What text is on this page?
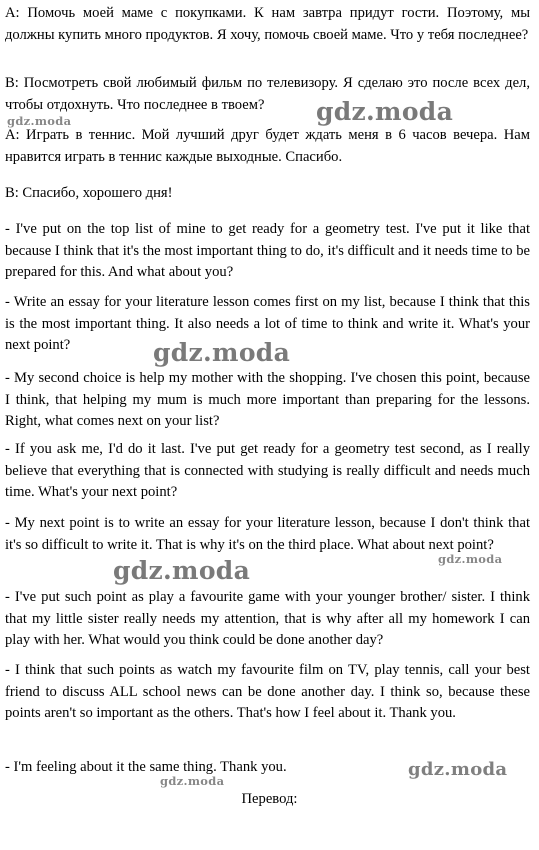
А: Помочь моей маме с покупками. К нам завтра придут гости. Поэтому, мы должны купить много продуктов. Я хочу, помочь своей маме. Что у тебя последнее?

В: Посмотреть свой любимый фильм по телевизору. Я сделаю это после всех дел, чтобы отдохнуть. Что последнее в твоем?

А: Играть в теннис. Мой лучший друг будет ждать меня в 6 часов вечера. Нам нравится играть в теннис каждые выходные. Спасибо.

В: Спасибо, хорошего дня!

- I've put on the top list of mine to get ready for a geometry test. I've put it like that because I think that it's the most important thing to do, it's difficult and it needs time to be prepared for this. And what about you?

- Write an essay for your literature lesson comes first on my list, because I think that this is the most important thing. It also needs a lot of time to think and write it. What's your next point?

- My second choice is help my mother with the shopping. I've chosen this point, because I think, that helping my mum is much more important than preparing for the lessons. Right, what comes next on your list?

- If you ask me, I'd do it last. I've put get ready for a geometry test second, as I really believe that everything that is connected with studying is really difficult and needs much time. What's your next point?

- My next point is to write an essay for your literature lesson, because I don't think that it's so difficult to write it. That is why it's on the third place. What about next point?

- I've put such point as play a favourite game with your younger brother/ sister. I think that my little sister really needs my attention, that is why after all my homework I can play with her. What would you think could be done another day?

- I think that such points as watch my favourite film on TV, play tennis, call your best friend to discuss ALL school news can be done another day. I think so, because these points aren't so important as the others. That's how I feel about it. Thank you.

- I'm feeling about it the same thing. Thank you.

Перевод:
gdz.moda	gdz.moda
gdz.moda
gdz.moda	gdz.moda
gdz.moda
gdz.moda
